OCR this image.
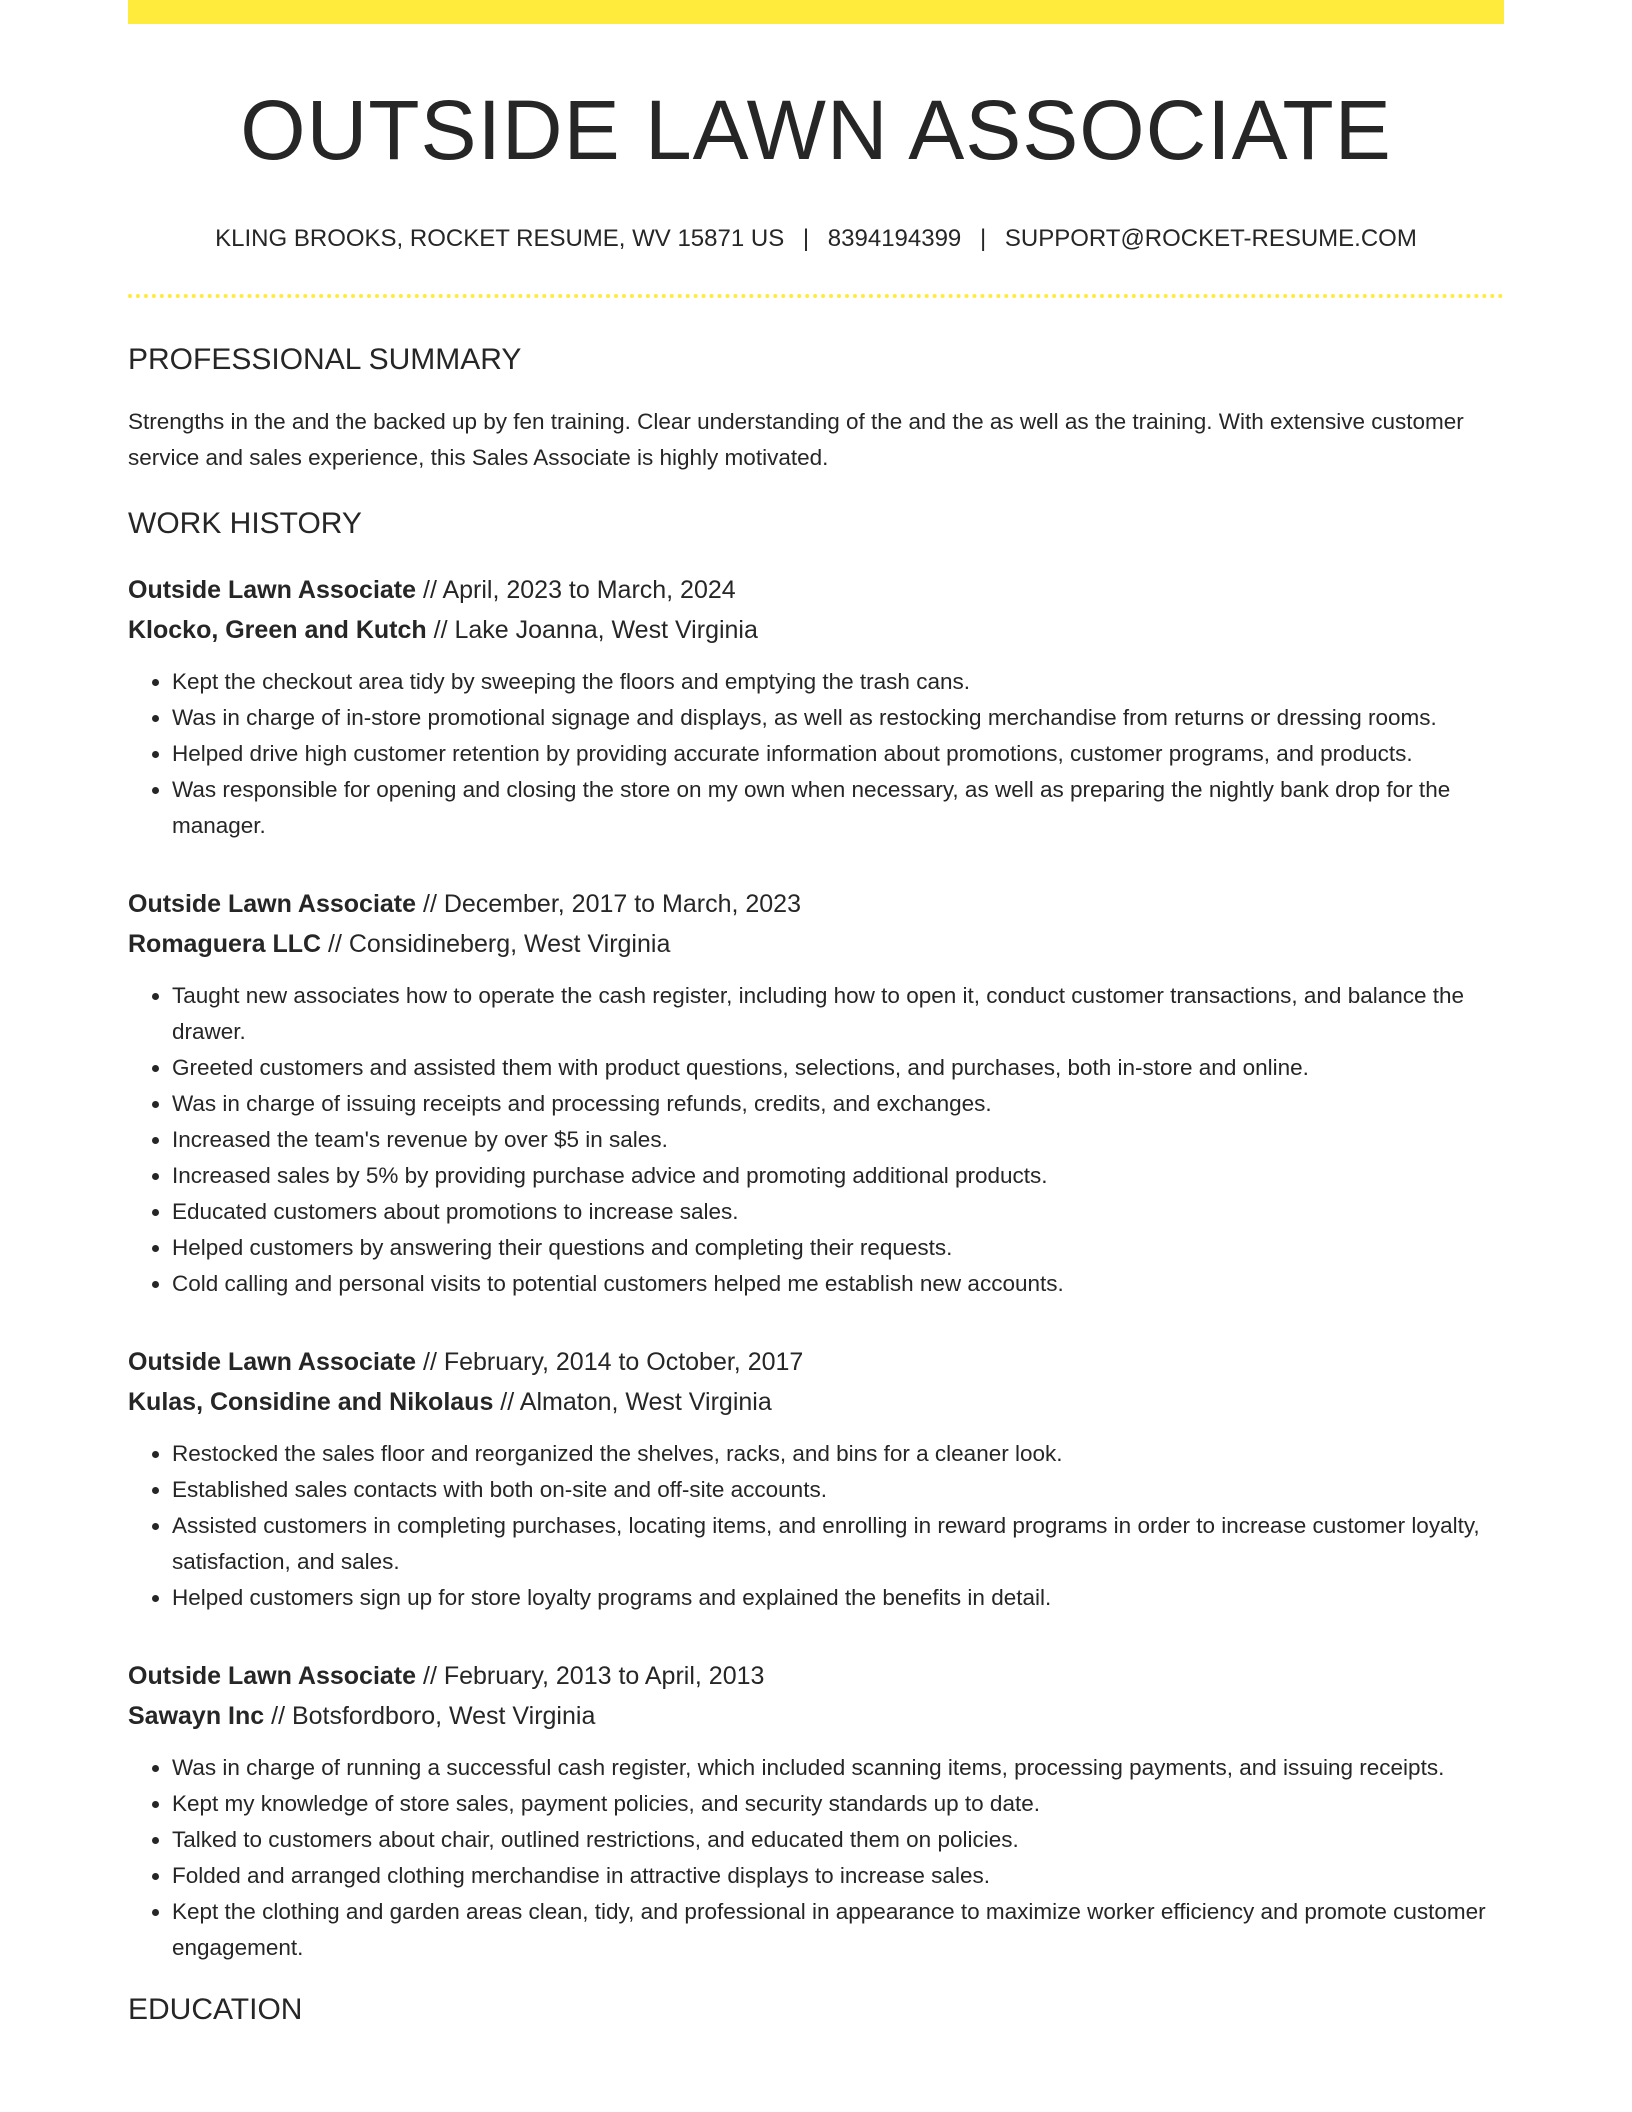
OUTSIDE LAWN ASSOCIATE
KLING BROOKS, ROCKET RESUME, WV 15871 US | 8394194399 | SUPPORT@ROCKET-RESUME.COM
PROFESSIONAL SUMMARY

Strengths in the and the backed up by fen training. Clear understanding of the and the as well as the training. With extensive customer service and sales experience, this Sales Associate is highly motivated.

WORK HISTORY
Outside Lawn Associate // April, 2023 to March, 2024
Klocko, Green and Kutch // Lake Joanna, West Virginia
• Kept the checkout area tidy by sweeping the floors and emptying the trash cans.
• Was in charge of in-store promotional signage and displays, as well as restocking merchandise from returns or dressing rooms.
• Helped drive high customer retention by providing accurate information about promotions, customer programs, and products.
• Was responsible for opening and closing the store on my own when necessary, as well as preparing the nightly bank drop for the manager.
Outside Lawn Associate // December, 2017 to March, 2023
Romaguera LLC // Considineberg, West Virginia
• Taught new associates how to operate the cash register, including how to open it, conduct customer transactions, and balance the drawer.
• Greeted customers and assisted them with product questions, selections, and purchases, both in-store and online.
• Was in charge of issuing receipts and processing refunds, credits, and exchanges.
• Increased the team's revenue by over $5 in sales.
• Increased sales by 5% by providing purchase advice and promoting additional products.
• Educated customers about promotions to increase sales.
• Helped customers by answering their questions and completing their requests.
• Cold calling and personal visits to potential customers helped me establish new accounts.
Outside Lawn Associate // February, 2014 to October, 2017
Kulas, Considine and Nikolaus // Almaton, West Virginia
• Restocked the sales floor and reorganized the shelves, racks, and bins for a cleaner look.
• Established sales contacts with both on-site and off-site accounts.
• Assisted customers in completing purchases, locating items, and enrolling in reward programs in order to increase customer loyalty, satisfaction, and sales.
• Helped customers sign up for store loyalty programs and explained the benefits in detail.
Outside Lawn Associate // February, 2013 to April, 2013
Sawayn Inc // Botsfordboro, West Virginia
• Was in charge of running a successful cash register, which included scanning items, processing payments, and issuing receipts.
• Kept my knowledge of store sales, payment policies, and security standards up to date.
• Talked to customers about chair, outlined restrictions, and educated them on policies.
• Folded and arranged clothing merchandise in attractive displays to increase sales.
• Kept the clothing and garden areas clean, tidy, and professional in appearance to maximize worker efficiency and promote customer engagement.
EDUCATION
